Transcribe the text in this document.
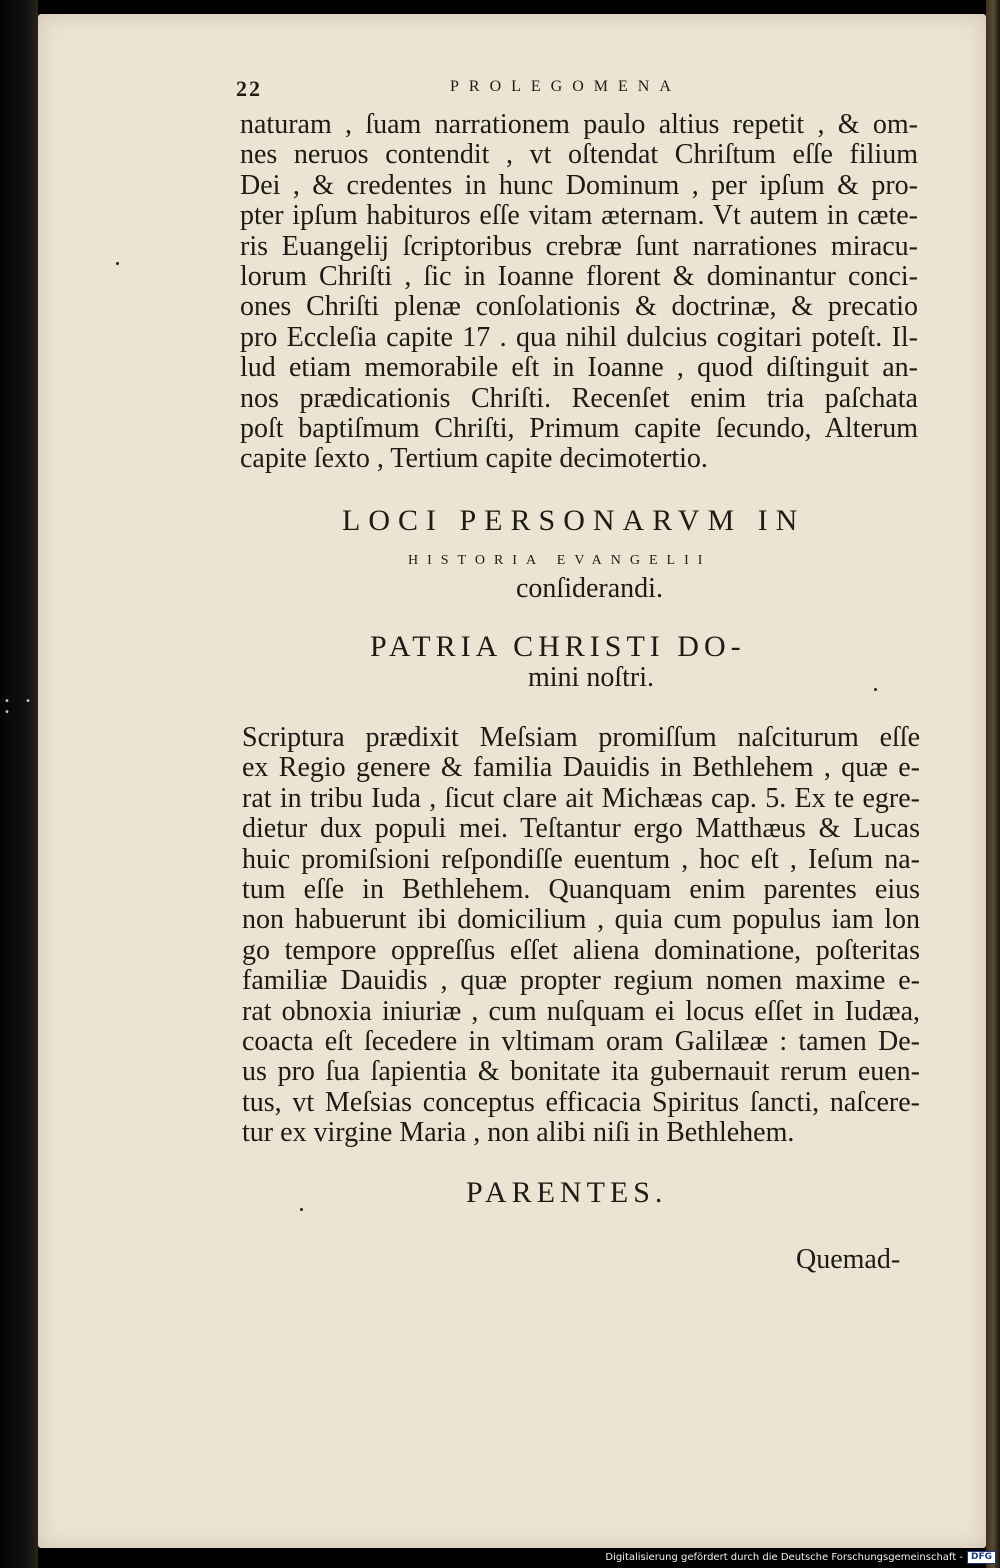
• • •
22	PROLEGOMENA
naturam , ſuam narrationem paulo altius repetit , & om-
nes neruos contendit , vt oſtendat Chriſtum eſſe filium
Dei , & credentes in hunc Dominum , per ipſum & pro-
pter ipſum habituros eſſe vitam æternam. Vt autem in cæte-
ris Euangelij ſcriptoribus crebræ ſunt narrationes miracu-
lorum Chriſti , ſic in Ioanne florent & dominantur conci-
ones Chriſti plenæ conſolationis & doctrinæ, & precatio
pro Eccleſia capite 17 . qua nihil dulcius cogitari poteſt. Il-
lud etiam memorabile eſt in Ioanne , quod diſtinguit an-
nos prædicationis Chriſti. Recenſet enim tria paſchata
poſt baptiſmum Chriſti, Primum capite ſecundo, Alterum
capite ſexto , Tertium capite decimotertio.
LOCI PERSONARVM IN
HISTORIA EVANGELII
conſiderandi.
PATRIA CHRISTI DO-
mini noſtri.
Scriptura prædixit Meſsiam promiſſum naſciturum eſſe
ex Regio genere & familia Dauidis in Bethlehem , quæ e-
rat in tribu Iuda , ſicut clare ait Michæas cap. 5. Ex te egre-
dietur dux populi mei. Teſtantur ergo Matthæus & Lucas
huic promiſsioni reſpondiſſe euentum , hoc eſt , Ieſum na-
tum eſſe in Bethlehem. Quanquam enim parentes eius
non habuerunt ibi domicilium , quia cum populus iam lon
go tempore oppreſſus eſſet aliena dominatione, poſteritas
familiæ Dauidis , quæ propter regium nomen maxime e-
rat obnoxia iniuriæ , cum nuſquam ei locus eſſet in Iudæa,
coacta eſt ſecedere in vltimam oram Galilææ : tamen De-
us pro ſua ſapientia & bonitate ita gubernauit rerum euen-
tus, vt Meſsias conceptus efficacia Spiritus ſancti, naſcere-
tur ex virgine Maria , non alibi niſi in Bethlehem.
PARENTES.
Quemad-
Digitalisierung gefördert durch die Deutsche Forschungsgemeinschaft - DFG
